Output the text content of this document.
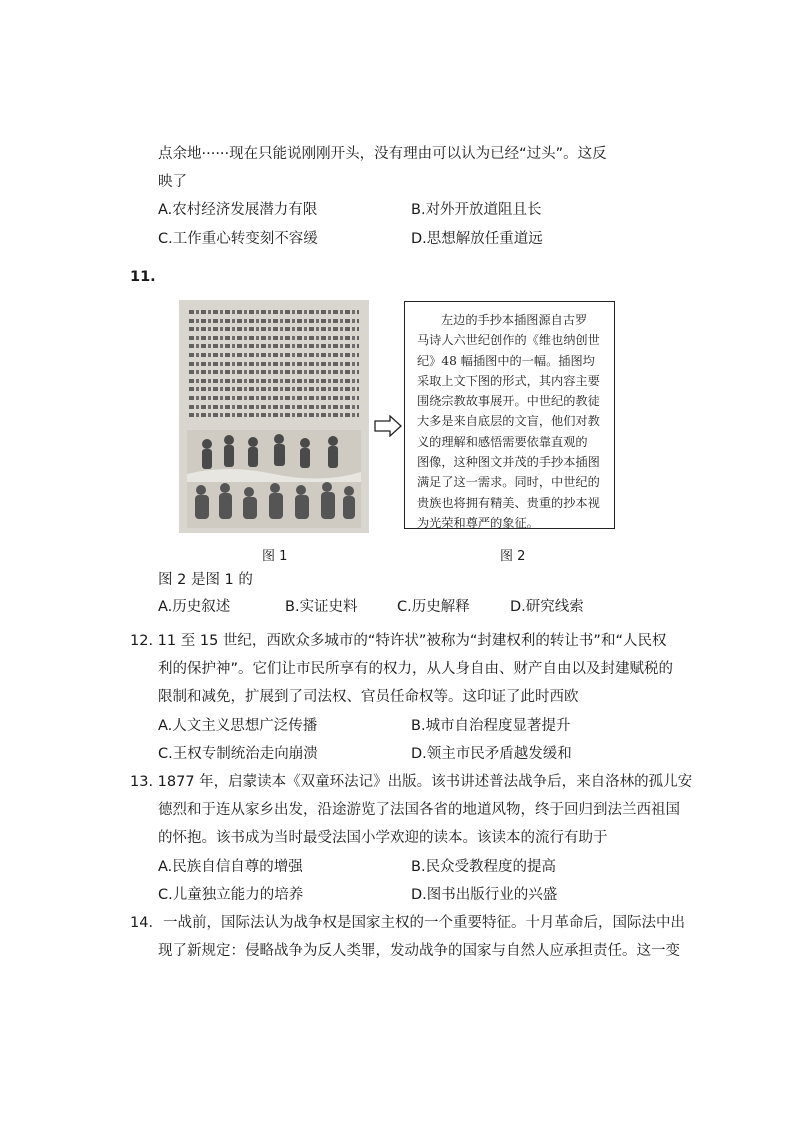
点余地······现在只能说刚刚开头，没有理由可以认为已经“过头”。这反
映了
A.农村经济发展潜力有限	B.对外开放道阻且长
C.工作重心转变刻不容缓	D.思想解放任重道远
11.
左边的手抄本插图源自古罗
马诗人六世纪创作的《维也纳创世
纪》48 幅插图中的一幅。插图均
采取上文下图的形式，其内容主要
围绕宗教故事展开。中世纪的教徒
大多是来自底层的文盲，他们对教
义的理解和感悟需要依靠直观的
图像，这种图文并茂的手抄本插图
满足了这一需求。同时，中世纪的
贵族也将拥有精美、贵重的抄本视
为光荣和尊严的象征。
图 1	图 2
图 2 是图 1 的
A.历史叙述	B.实证史料	C.历史解释	D.研究线索
12. 11 至 15 世纪，西欧众多城市的“特许状”被称为“封建权利的转让书”和“人民权
利的保护神”。它们让市民所享有的权力，从人身自由、财产自由以及封建赋税的
限制和减免，扩展到了司法权、官员任命权等。这印证了此时西欧
A.人文主义思想广泛传播	B.城市自治程度显著提升
C.王权专制统治走向崩溃	D.领主市民矛盾越发缓和
13. 1877 年，启蒙读本《双童环法记》出版。该书讲述普法战争后，来自洛林的孤儿安
德烈和于连从家乡出发，沿途游览了法国各省的地道风物，终于回归到法兰西祖国
的怀抱。该书成为当时最受法国小学欢迎的读本。该读本的流行有助于
A.民族自信自尊的增强	B.民众受教程度的提高
C.儿童独立能力的培养	D.图书出版行业的兴盛
14．一战前，国际法认为战争权是国家主权的一个重要特征。十月革命后，国际法中出
现了新规定：侵略战争为反人类罪，发动战争的国家与自然人应承担责任。这一变
